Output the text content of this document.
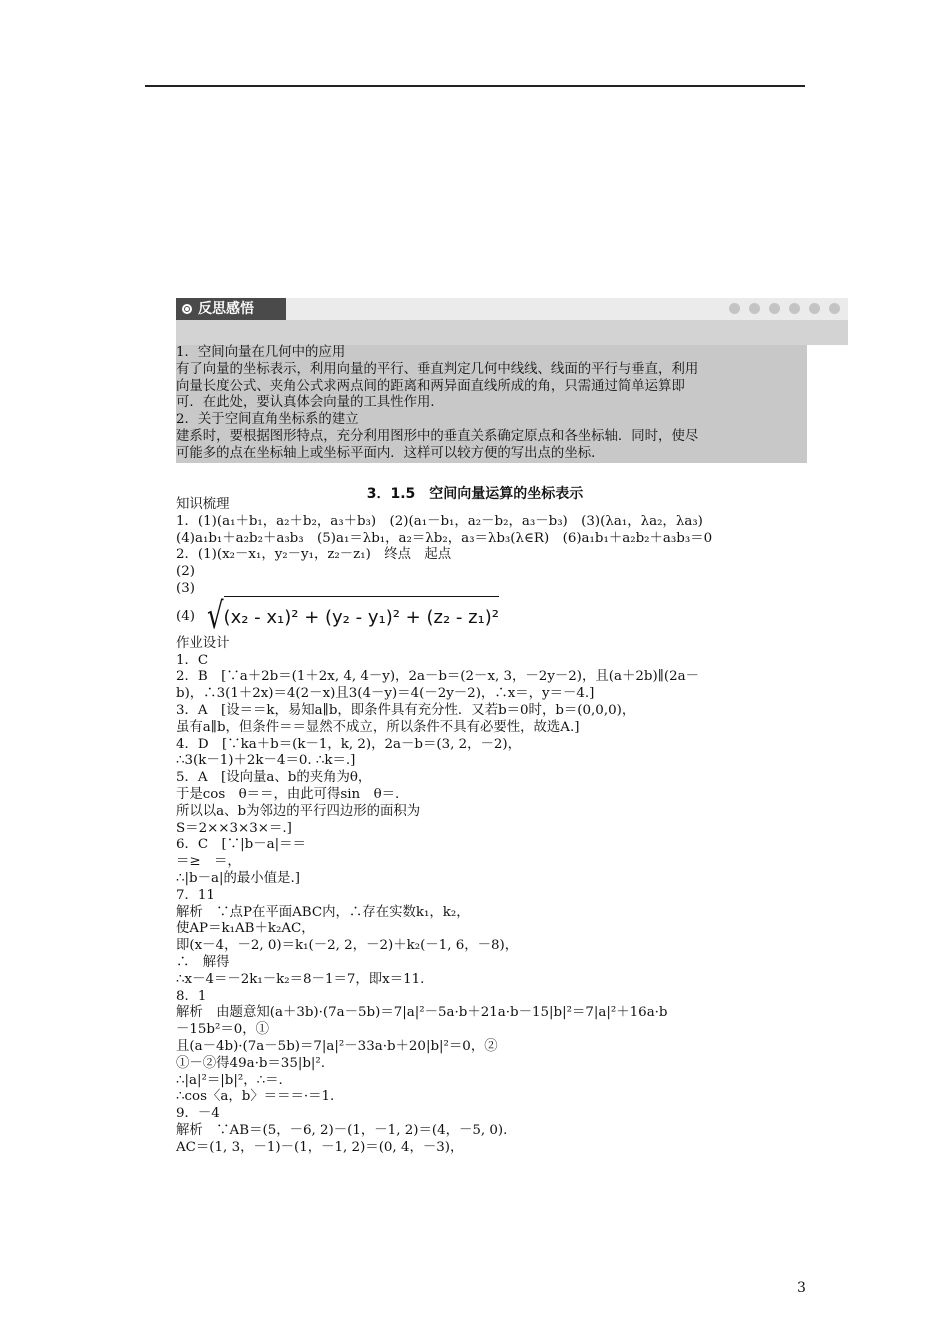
反思感悟

1．空间向量在几何中的应用

有了向量的坐标表示，利用向量的平行、垂直判定几何中线线、线面的平行与垂直，利用

向量长度公式、夹角公式求两点间的距离和两异面直线所成的角，只需通过简单运算即

可．在此处，要认真体会向量的工具性作用．

2．关于空间直角坐标系的建立

建系时，要根据图形特点，充分利用图形中的垂直关系确定原点和各坐标轴．同时，使尽

可能多的点在坐标轴上或坐标平面内．这样可以较方便的写出点的坐标．

3．1.5　空间向量运算的坐标表示

知识梳理

1．(1)(a₁＋b₁，a₂＋b₂，a₃＋b₃)　(2)(a₁－b₁，a₂－b₂，a₃－b₃)　(3)(λa₁，λa₂，λa₃)

(4)a₁b₁＋a₂b₂＋a₃b₃　(5)a₁＝λb₁，a₂＝λb₂，a₃＝λb₃(λ∈R)　(6)a₁b₁＋a₂b₂＋a₃b₃＝0

2．(1)(x₂－x₁，y₂－y₁，z₂－z₁)　终点　起点

(2)

(3)

(4) √ (x₂ - x₁)² + (y₂ - y₁)² + (z₂ - z₁)²

作业设计

1．C

2．B　[∵a＋2b＝(1＋2x, 4, 4－y)，2a－b＝(2－x, 3，－2y－2)，且(a＋2b)∥(2a－

b)，∴3(1＋2x)＝4(2－x)且3(4－y)＝4(－2y－2)，∴x＝，y＝－4.]

3．A　[设＝＝k，易知a∥b，即条件具有充分性．又若b＝0时，b＝(0,0,0)，

虽有a∥b，但条件＝＝显然不成立，所以条件不具有必要性，故选A.]

4．D　[∵ka＋b＝(k－1，k, 2)，2a－b＝(3, 2，－2)，

∴3(k－1)＋2k－4＝0. ∴k＝.]

5．A　[设向量a、b的夹角为θ，

于是cos　θ＝＝，由此可得sin　θ＝.

所以以a、b为邻边的平行四边形的面积为

S＝2××3×3×＝.]

6．C　[∵|b－a|＝＝

＝≥　＝，

∴|b－a|的最小值是.]

7．11

解析　∵点P在平面ABC内，∴存在实数k₁，k₂，

使AP＝k₁AB＋k₂AC，

即(x－4，－2, 0)＝k₁(－2, 2，－2)＋k₂(－1, 6，－8)，

∴　解得

∴x－4＝－2k₁－k₂＝8－1＝7，即x＝11.

8．1

解析　由题意知(a＋3b)·(7a－5b)＝7|a|²－5a·b＋21a·b－15|b|²＝7|a|²＋16a·b

－15b²＝0，①

且(a－4b)·(7a－5b)＝7|a|²－33a·b＋20|b|²＝0，②

①－②得49a·b＝35|b|².

∴|a|²＝|b|²，∴＝.

∴cos〈a，b〉＝＝＝·＝1.

9．－4

解析　∵AB＝(5，－6, 2)－(1，－1, 2)＝(4，－5, 0).

AC＝(1, 3，－1)－(1，－1, 2)＝(0, 4，－3)，

3
